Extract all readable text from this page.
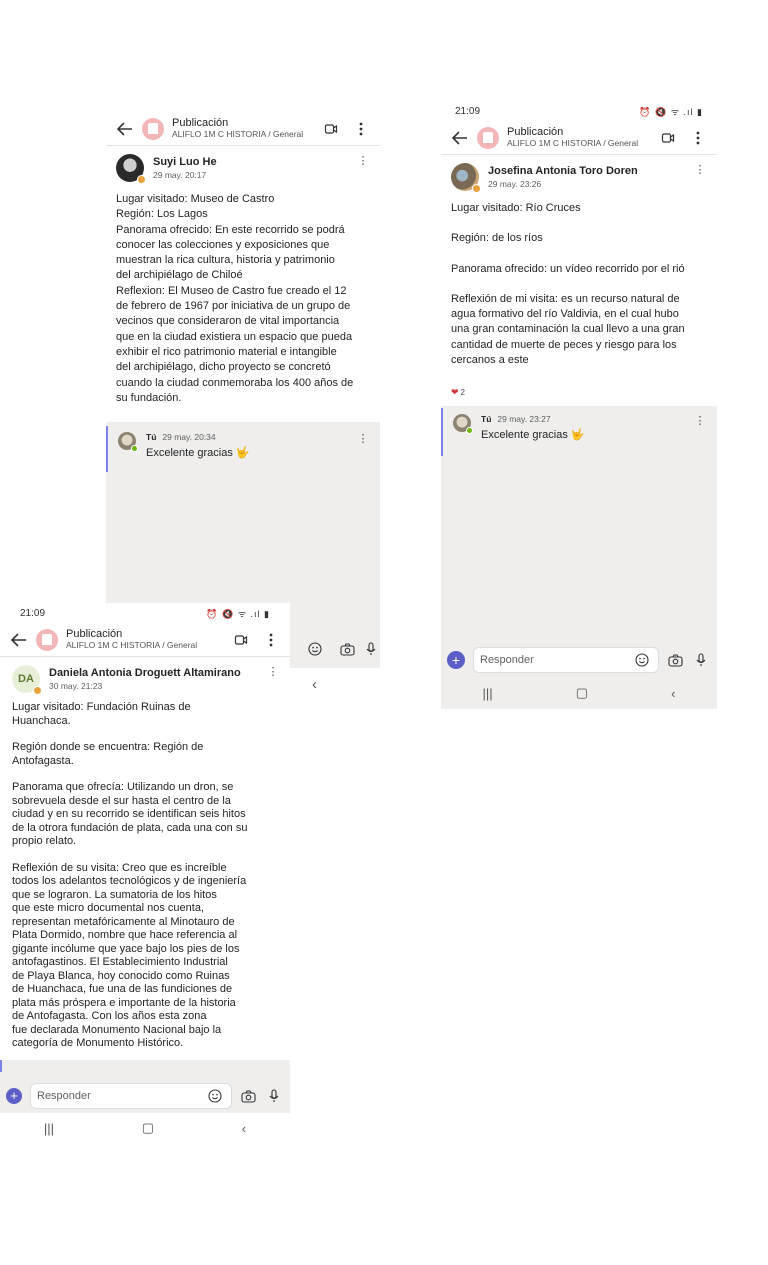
Publicación
ALIFLO 1M C HISTORIA / General
Suyi Luo He
29 may. 20:17
⋮

Lugar visitado: Museo de Castro

Región: Los Lagos

Panorama ofrecido: En este recorrido se podrá
conocer las colecciones y exposiciones que
muestran la rica cultura, historia y patrimonio
del archipiélago de Chiloé

Reflexion: El Museo de Castro fue creado el 12
de febrero de 1967 por iniciativa de un grupo de
vecinos que consideraron de vital importancia
que en la ciudad existiera un espacio que pueda
exhibir el rico patrimonio material e intangible
del archipiélago, dicho proyecto se concretó
cuando la ciudad conmemoraba los 400 años de
su fundación.

Tú 29 may. 20:34
Excelente gracias 🤟
⋮
‹
21:09	⏰ 🔇 ᯤ .ıl ▮
Publicación
ALIFLO 1M C HISTORIA / General
Josefina Antonia Toro Doren
29 may. 23:26
⋮

Lugar visitado: Río Cruces

Región: de los ríos

Panorama ofrecido: un vídeo recorrido por el rió

Reflexión de mi visita: es un recurso natural de
agua formativo del río Valdivia, en el cual hubo
una gran contaminación la cual llevo a una gran
cantidad de muerte de peces y riesgo para los
cercanos a este

❤ 2
Tú 29 may. 23:27
Excelente gracias 🤟
⋮
+
Responder
|||	▢	‹
21:09	⏰ 🔇 ᯤ .ıl ▮
Publicación
ALIFLO 1M C HISTORIA / General
DA Daniela Antonia Droguett Altamirano
30 may. 21:23
⋮

Lugar visitado: Fundación Ruinas de
Huanchaca.

Región donde se encuentra: Región de
Antofagasta.

Panorama que ofrecía: Utilizando un dron, se
sobrevuela desde el sur hasta el centro de la
ciudad y en su recorrido se identifican seis hitos
de la otrora fundación de plata, cada una con su
propio relato.

Reflexión de su visita: Creo que es increíble
todos los adelantos tecnológicos y de ingeniería
que se lograron. La sumatoria de los hitos
que este micro documental nos cuenta,
representan metafóricamente al Minotauro de
Plata Dormido, nombre que hace referencia al
gigante incólume que yace bajo los pies de los
antofagastinos. El Establecimiento Industrial
de Playa Blanca, hoy conocido como Ruinas
de Huanchaca, fue una de las fundiciones de
plata más próspera e importante de la historia
de Antofagasta. Con los años esta zona
fue declarada Monumento Nacional bajo la
categoría de Monumento Histórico.

+
Responder
|||	▢	‹
